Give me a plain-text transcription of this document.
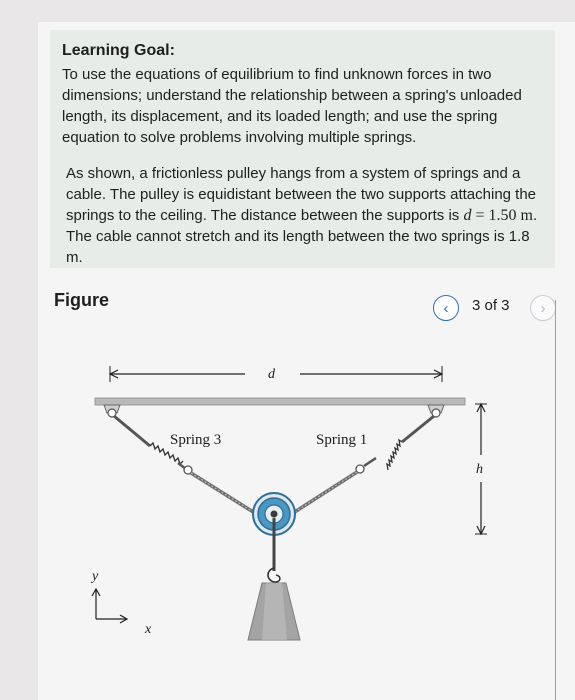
Learning Goal:
To use the equations of equilibrium to find unknown forces in two dimensions; understand the relationship between a spring's unloaded length, its displacement, and its loaded length; and use the spring equation to solve problems involving multiple springs.
As shown, a frictionless pulley hangs from a system of springs and a cable. The pulley is equidistant between the two supports attaching the springs to the ceiling. The distance between the supports is d = 1.50 m. The cable cannot stretch and its length between the two springs is 1.8 m.
Figure	‹ 3 of 3 ›
d
h
Spring 3	Spring 1
y
x
